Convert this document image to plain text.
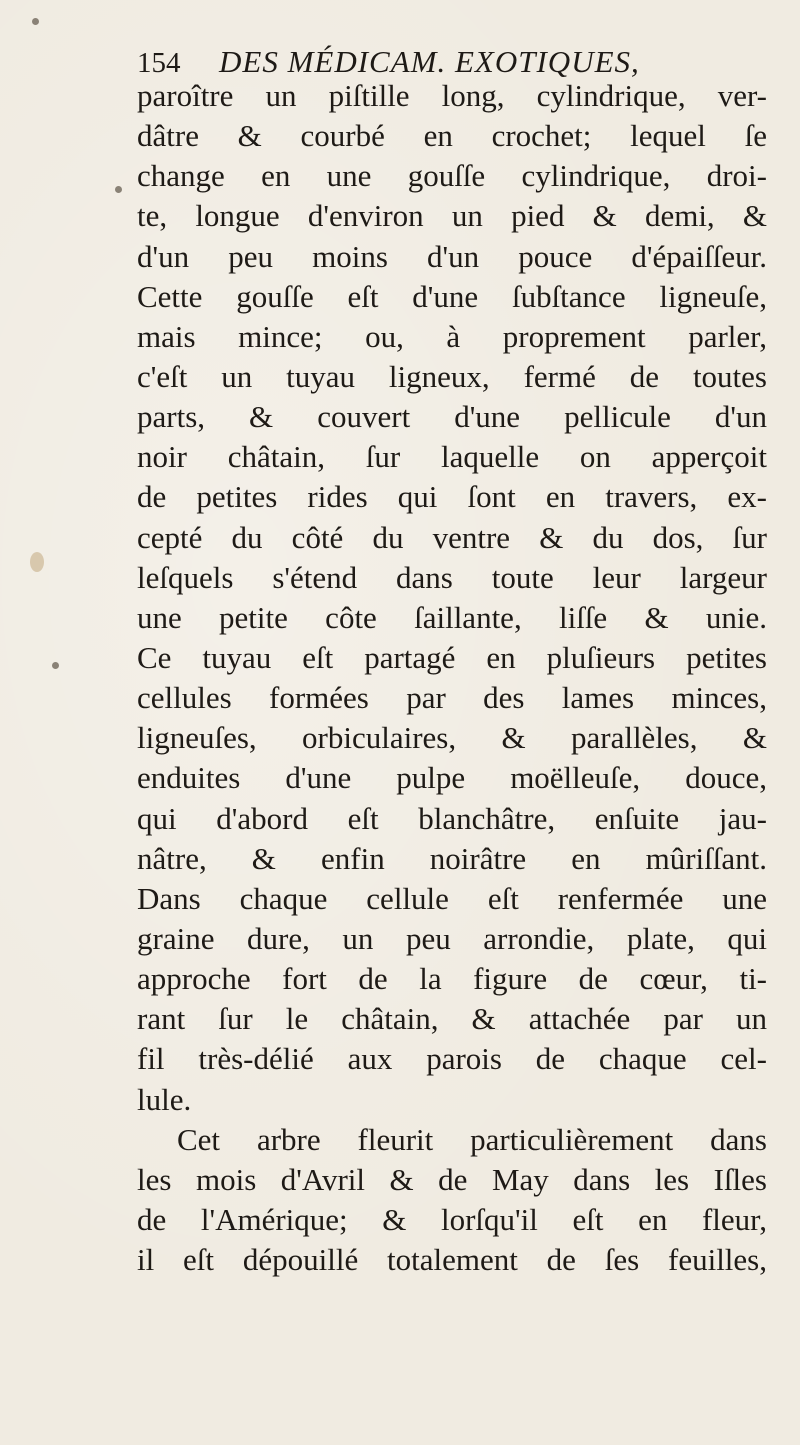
154 DES MÉDICAM. EXOTIQUES,
paroître un piſtille long, cylindrique, ver-
dâtre & courbé en crochet; lequel ſe
change en une gouſſe cylindrique, droi-
te, longue d'environ un pied & demi, &
d'un peu moins d'un pouce d'épaiſſeur.
Cette gouſſe eſt d'une ſubſtance ligneuſe,
mais mince; ou, à proprement parler,
c'eſt un tuyau ligneux, fermé de toutes
parts, & couvert d'une pellicule d'un
noir châtain, ſur laquelle on apperçoit
de petites rides qui ſont en travers, ex-
cepté du côté du ventre & du dos, ſur
leſquels s'étend dans toute leur largeur
une petite côte ſaillante, liſſe & unie.
Ce tuyau eſt partagé en pluſieurs petites
cellules formées par des lames minces,
ligneuſes, orbiculaires, & parallèles, &
enduites d'une pulpe moëlleuſe, douce,
qui d'abord eſt blanchâtre, enſuite jau-
nâtre, & enfin noirâtre en mûriſſant.
Dans chaque cellule eſt renfermée une
graine dure, un peu arrondie, plate, qui
approche fort de la figure de cœur, ti-
rant ſur le châtain, & attachée par un
fil très-délié aux parois de chaque cel-
lule.
Cet arbre fleurit particulièrement dans
les mois d'Avril & de May dans les Iſles
de l'Amérique; & lorſqu'il eſt en fleur,
il eſt dépouillé totalement de ſes feuilles,
